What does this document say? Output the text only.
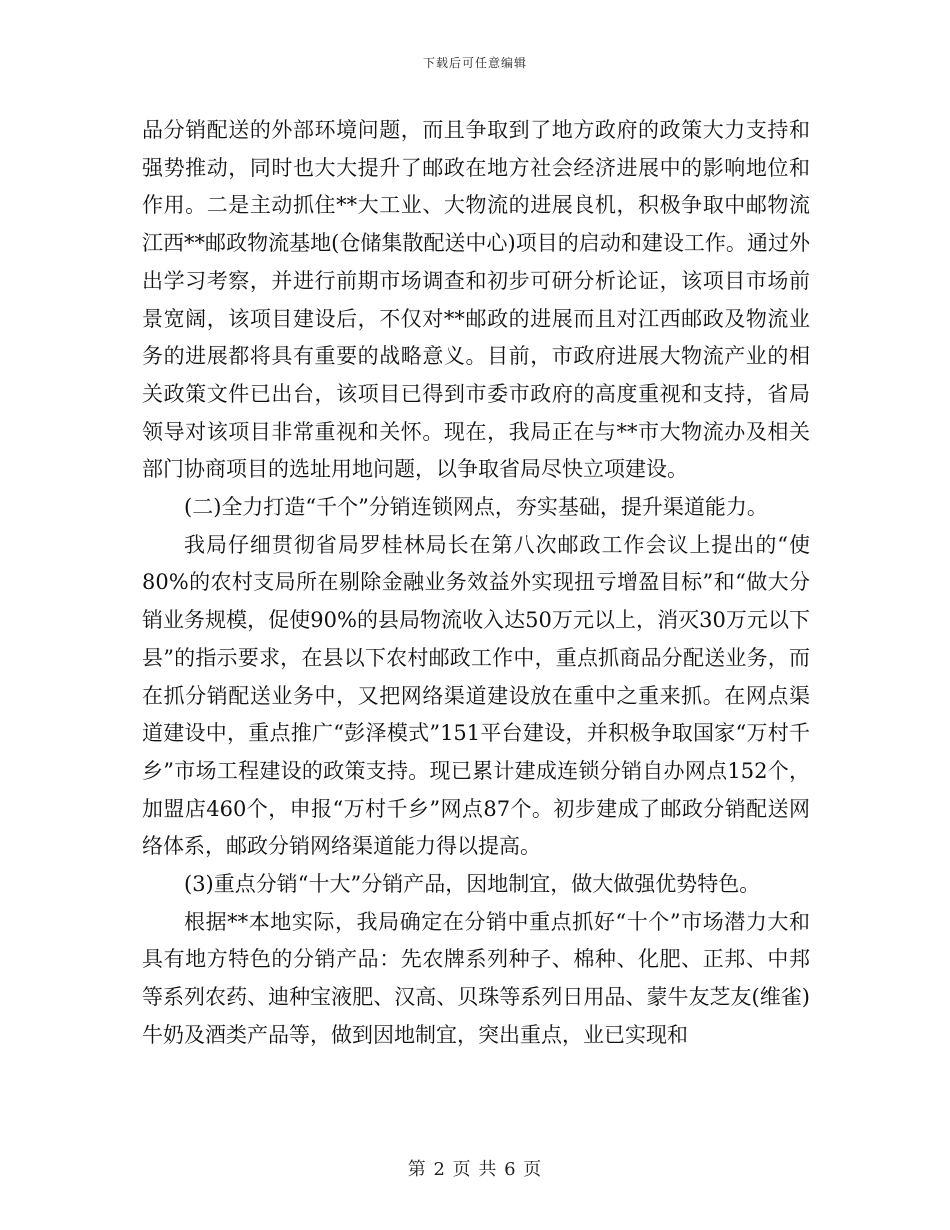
下载后可任意编辑

品分销配送的外部环境问题，而且争取到了地方政府的政策大力支持和强势推动，同时也大大提升了邮政在地方社会经济进展中的影响地位和作用。二是主动抓住**大工业、大物流的进展良机，积极争取中邮物流江西**邮政物流基地(仓储集散配送中心)项目的启动和建设工作。通过外出学习考察，并进行前期市场调查和初步可研分析论证，该项目市场前景宽阔，该项目建设后，不仅对**邮政的进展而且对江西邮政及物流业务的进展都将具有重要的战略意义。目前，市政府进展大物流产业的相关政策文件已出台，该项目已得到市委市政府的高度重视和支持，省局领导对该项目非常重视和关怀。现在，我局正在与**市大物流办及相关部门协商项目的选址用地问题，以争取省局尽快立项建设。

(二)全力打造“千个”分销连锁网点，夯实基础，提升渠道能力。

我局仔细贯彻省局罗桂林局长在第八次邮政工作会议上提出的“使80%的农村支局所在剔除金融业务效益外实现扭亏增盈目标”和“做大分销业务规模，促使90%的县局物流收入达50万元以上，消灭30万元以下县”的指示要求，在县以下农村邮政工作中，重点抓商品分配送业务，而在抓分销配送业务中，又把网络渠道建设放在重中之重来抓。在网点渠道建设中，重点推广“彭泽模式”151平台建设，并积极争取国家“万村千乡”市场工程建设的政策支持。现已累计建成连锁分销自办网点152个，加盟店460个，申报“万村千乡”网点87个。初步建成了邮政分销配送网络体系，邮政分销网络渠道能力得以提高。

(3)重点分销“十大”分销产品，因地制宜，做大做强优势特色。

根据**本地实际，我局确定在分销中重点抓好“十个”市场潜力大和具有地方特色的分销产品：先农牌系列种子、棉种、化肥、正邦、中邦等系列农药、迪种宝液肥、汉高、贝珠等系列日用品、蒙牛友芝友(维雀)牛奶及酒类产品等，做到因地制宜，突出重点，业已实现和

第 2 页 共 6 页
